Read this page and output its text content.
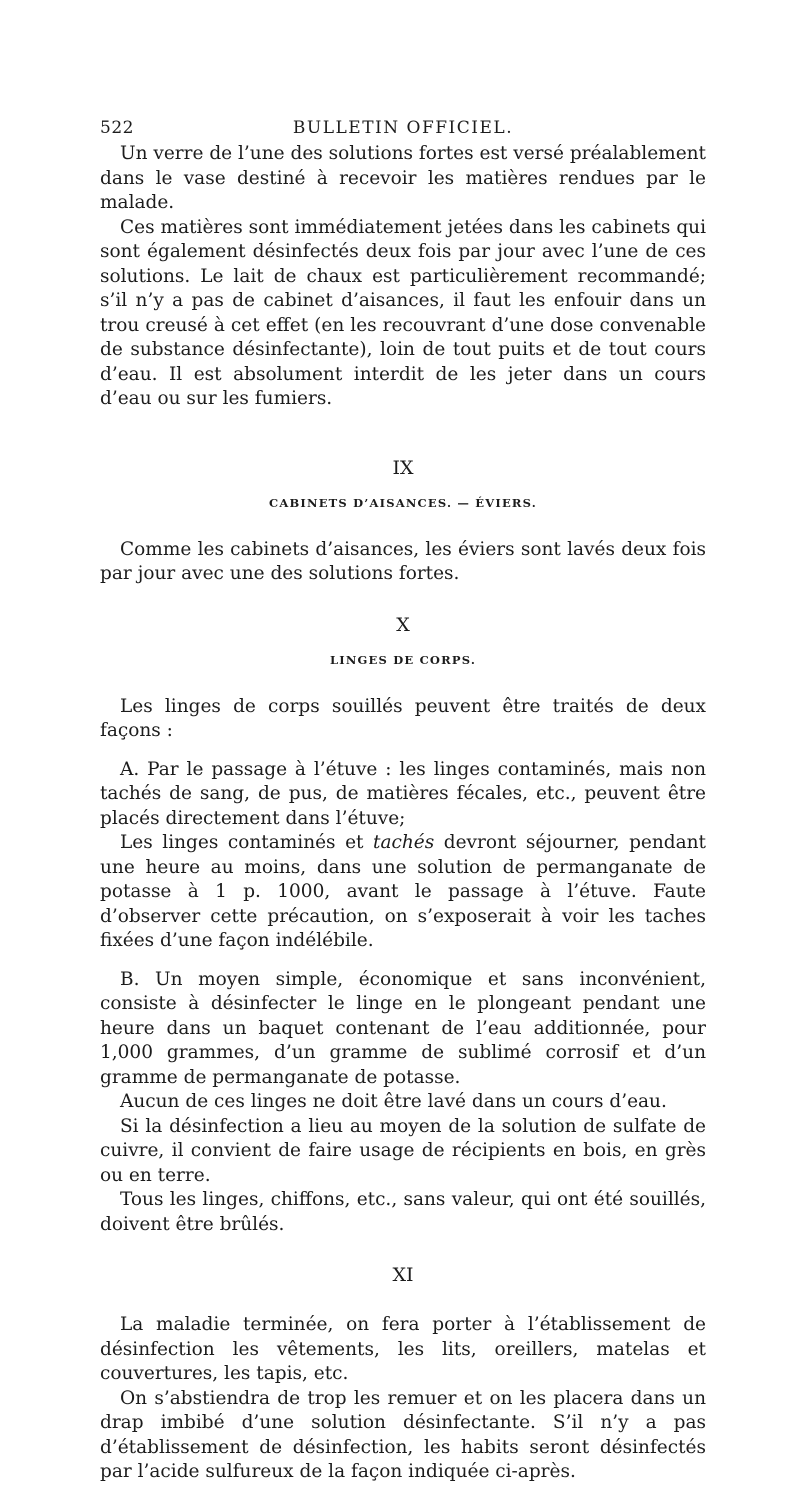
522	BULLETIN OFFICIEL.

Un verre de l’une des solutions fortes est versé préalablement dans le vase destiné à recevoir les matières rendues par le malade.

Ces matières sont immédiatement jetées dans les cabinets qui sont également désinfectés deux fois par jour avec l’une de ces solutions. Le lait de chaux est particulièrement recommandé; s’il n’y a pas de cabinet d’aisances, il faut les enfouir dans un trou creusé à cet effet (en les recouvrant d’une dose convenable de substance désinfectante), loin de tout puits et de tout cours d’eau. Il est absolument interdit de les jeter dans un cours d’eau ou sur les fumiers.

IX
CABINETS D’AISANCES. — ÉVIERS.

Comme les cabinets d’aisances, les éviers sont lavés deux fois par jour avec une des solutions fortes.

X
LINGES DE CORPS.

Les linges de corps souillés peuvent être traités de deux façons :

A. Par le passage à l’étuve : les linges contaminés, mais non tachés de sang, de pus, de matières fécales, etc., peuvent être placés directement dans l’étuve;

Les linges contaminés et tachés devront séjourner, pendant une heure au moins, dans une solution de permanganate de potasse à 1 p. 1000, avant le passage à l’étuve. Faute d’observer cette précaution, on s’exposerait à voir les taches fixées d’une façon indélébile.

B. Un moyen simple, économique et sans inconvénient, consiste à désinfecter le linge en le plongeant pendant une heure dans un baquet contenant de l’eau additionnée, pour 1,000 grammes, d’un gramme de sublimé corrosif et d’un gramme de permanganate de potasse.

Aucun de ces linges ne doit être lavé dans un cours d’eau.

Si la désinfection a lieu au moyen de la solution de sulfate de cuivre, il convient de faire usage de récipients en bois, en grès ou en terre.

Tous les linges, chiffons, etc., sans valeur, qui ont été souillés, doivent être brûlés.

XI

La maladie terminée, on fera porter à l’établissement de désinfection les vêtements, les lits, oreillers, matelas et couvertures, les tapis, etc.

On s’abstiendra de trop les remuer et on les placera dans un drap imbibé d’une solution désinfectante. S’il n’y a pas d’établissement de désinfection, les habits seront désinfectés par l’acide sulfureux de la façon indiquée ci-après.
